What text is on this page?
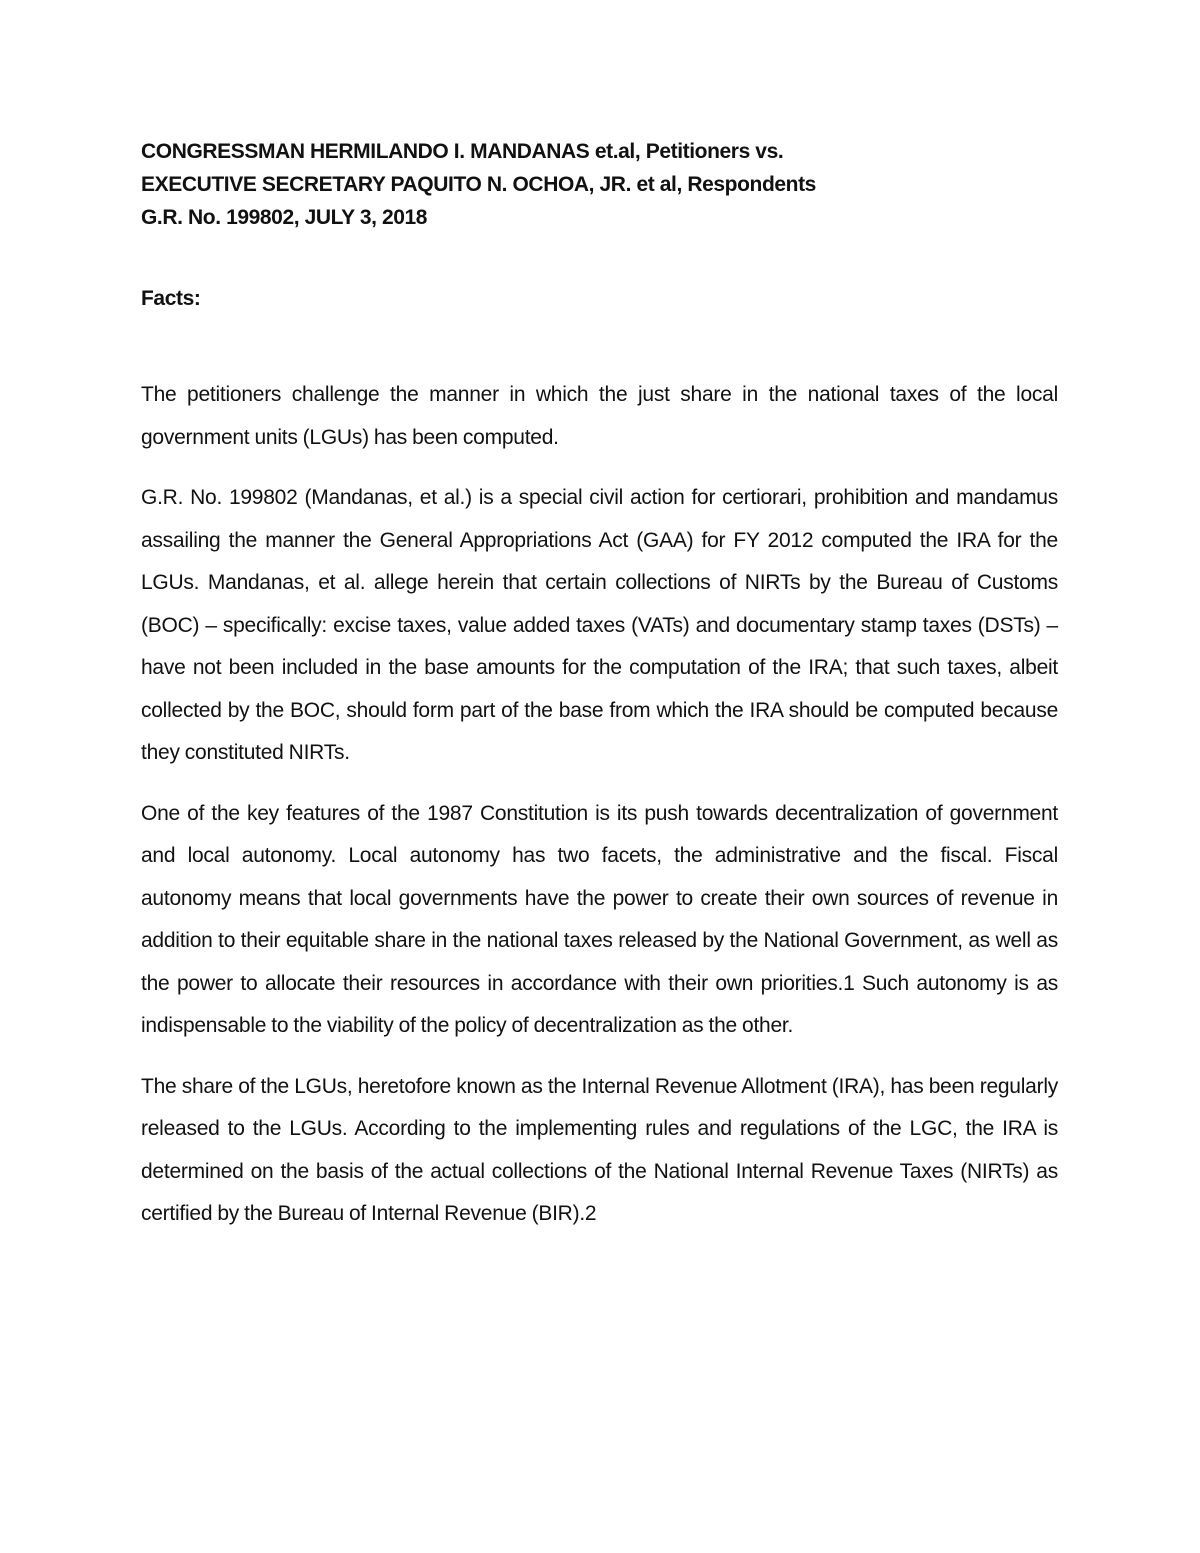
CONGRESSMAN HERMILANDO I. MANDANAS et.al, Petitioners vs.

EXECUTIVE SECRETARY PAQUITO N. OCHOA, JR. et al, Respondents

G.R. No. 199802, JULY 3, 2018

Facts:

The petitioners challenge the manner in which the just share in the national taxes of the local government units (LGUs) has been computed.

G.R. No. 199802 (Mandanas, et al.) is a special civil action for certiorari, prohibition and mandamus assailing the manner the General Appropriations Act (GAA) for FY 2012 computed the IRA for the LGUs. Mandanas, et al. allege herein that certain collections of NIRTs by the Bureau of Customs (BOC) – specifically: excise taxes, value added taxes (VATs) and documentary stamp taxes (DSTs) – have not been included in the base amounts for the computation of the IRA; that such taxes, albeit collected by the BOC, should form part of the base from which the IRA should be computed because they constituted NIRTs.

One of the key features of the 1987 Constitution is its push towards decentralization of government and local autonomy. Local autonomy has two facets, the administrative and the fiscal. Fiscal autonomy means that local governments have the power to create their own sources of revenue in addition to their equitable share in the national taxes released by the National Government, as well as the power to allocate their resources in accordance with their own priorities.1 Such autonomy is as indispensable to the viability of the policy of decentralization as the other.

The share of the LGUs, heretofore known as the Internal Revenue Allotment (IRA), has been regularly released to the LGUs. According to the implementing rules and regulations of the LGC, the IRA is determined on the basis of the actual collections of the National Internal Revenue Taxes (NIRTs) as certified by the Bureau of Internal Revenue (BIR).2
